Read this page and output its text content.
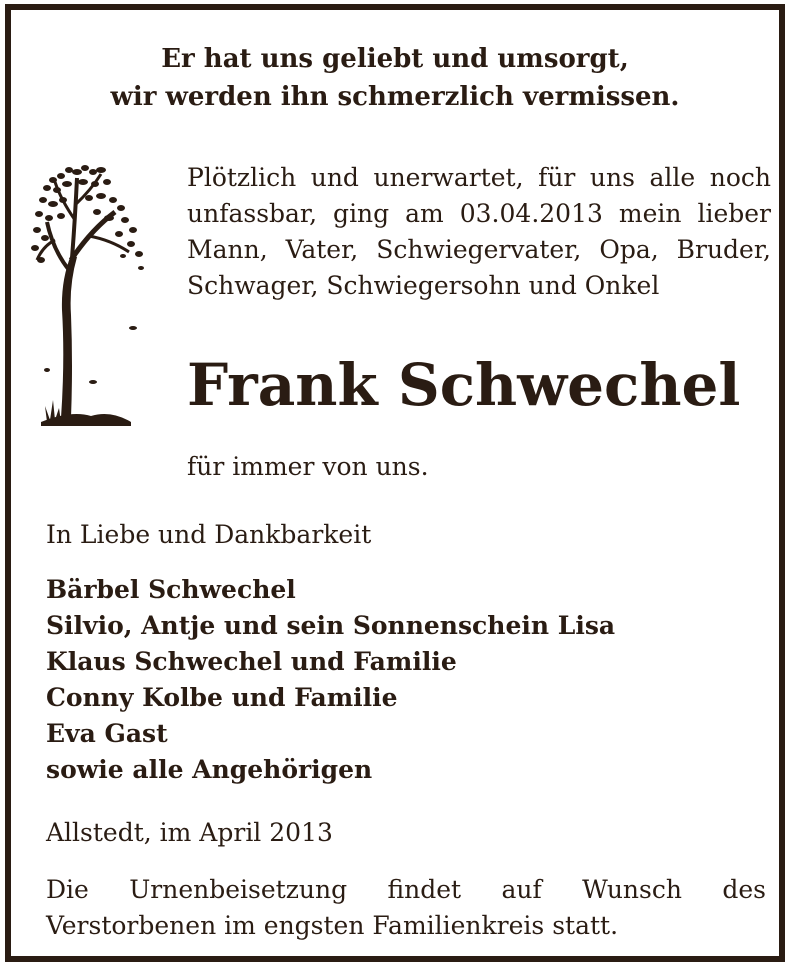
Er hat uns geliebt und umsorgt,
wir werden ihn schmerzlich vermissen.
Plötzlich und unerwartet, für uns alle noch unfassbar, ging am 03.04.2013 mein lieber Mann, Vater, Schwiegervater, Opa, Bruder, Schwager, Schwiegersohn und Onkel
Frank Schwechel
für immer von uns.
In Liebe und Dankbarkeit
Bärbel Schwechel
Silvio, Antje und sein Sonnenschein Lisa
Klaus Schwechel und Familie
Conny Kolbe und Familie
Eva Gast
sowie alle Angehörigen
Allstedt, im April 2013
Die Urnenbeisetzung findet auf Wunsch des Verstorbenen im engsten Familienkreis statt.
